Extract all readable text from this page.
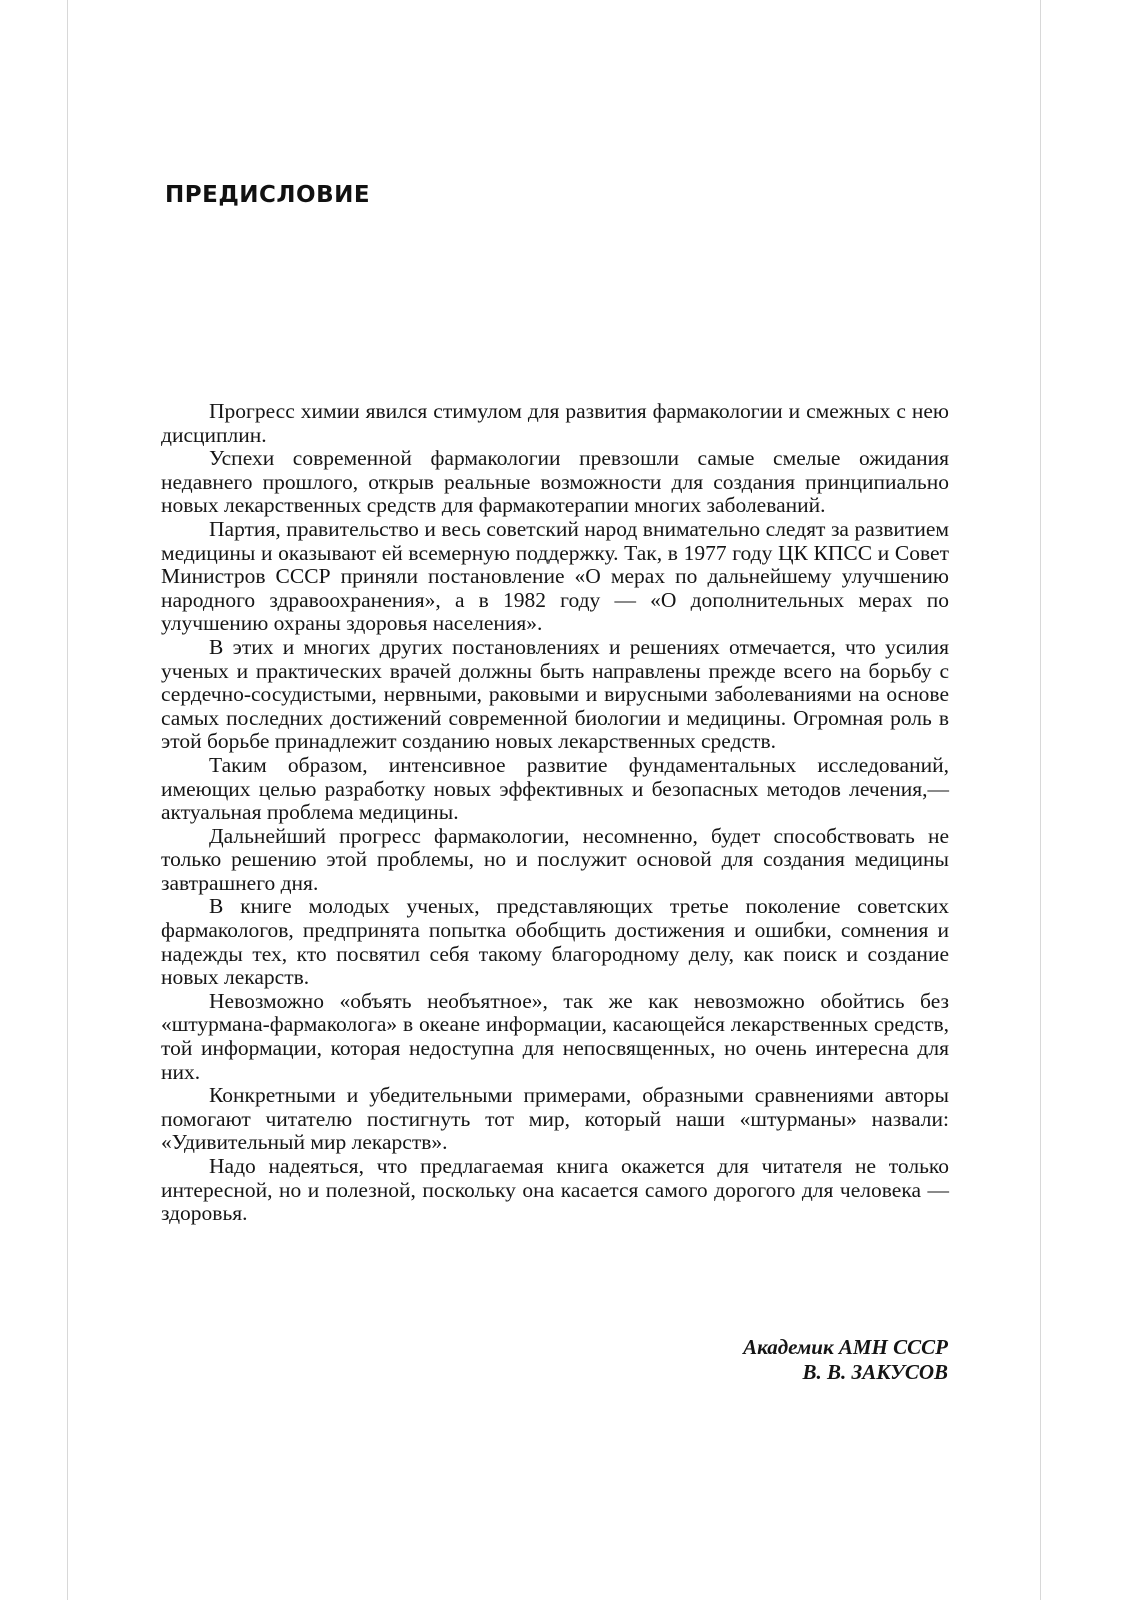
ПРЕДИСЛОВИЕ

Прогресс химии явился стимулом для развития фармакологии и смежных с нею дисциплин.

Успехи современной фармакологии превзошли самые смелые ожидания недавнего прошлого, открыв реальные возможности для создания принципиально новых лекарственных средств для фармакотерапии многих заболеваний.

Партия, правительство и весь советский народ внимательно следят за развитием медицины и оказывают ей всемерную поддержку. Так, в 1977 году ЦК КПСС и Совет Министров СССР приняли постановление «О мерах по дальнейшему улучшению народного здравоохранения», а в 1982 году — «О дополнительных мерах по улучшению охраны здоровья населения».

В этих и многих других постановлениях и решениях отмечается, что усилия ученых и практических врачей должны быть направлены прежде всего на борьбу с сердечно-сосудистыми, нервными, раковыми и вирусными заболеваниями на основе самых последних достижений современной биологии и медицины. Огромная роль в этой борьбе принадлежит созданию новых лекарственных средств.

Таким образом, интенсивное развитие фундаментальных исследований, имеющих целью разработку новых эффективных и безопасных методов лечения,— актуальная проблема медицины.

Дальнейший прогресс фармакологии, несомненно, будет способствовать не только решению этой проблемы, но и послужит основой для создания медицины завтрашнего дня.

В книге молодых ученых, представляющих третье поколение советских фармакологов, предпринята попытка обобщить достижения и ошибки, сомнения и надежды тех, кто посвятил себя такому благородному делу, как поиск и создание новых лекарств.

Невозможно «объять необъятное», так же как невозможно обойтись без «штурмана-фармаколога» в океане информации, касающейся лекарственных средств, той информации, которая недоступна для непосвященных, но очень интересна для них.

Конкретными и убедительными примерами, образными сравнениями авторы помогают читателю постигнуть тот мир, который наши «штурманы» назвали: «Удивительный мир лекарств».

Надо надеяться, что предлагаемая книга окажется для читателя не только интересной, но и полезной, поскольку она касается самого дорогого для человека — здоровья.

Академик АМН СССР
В. В. ЗАКУСОВ
